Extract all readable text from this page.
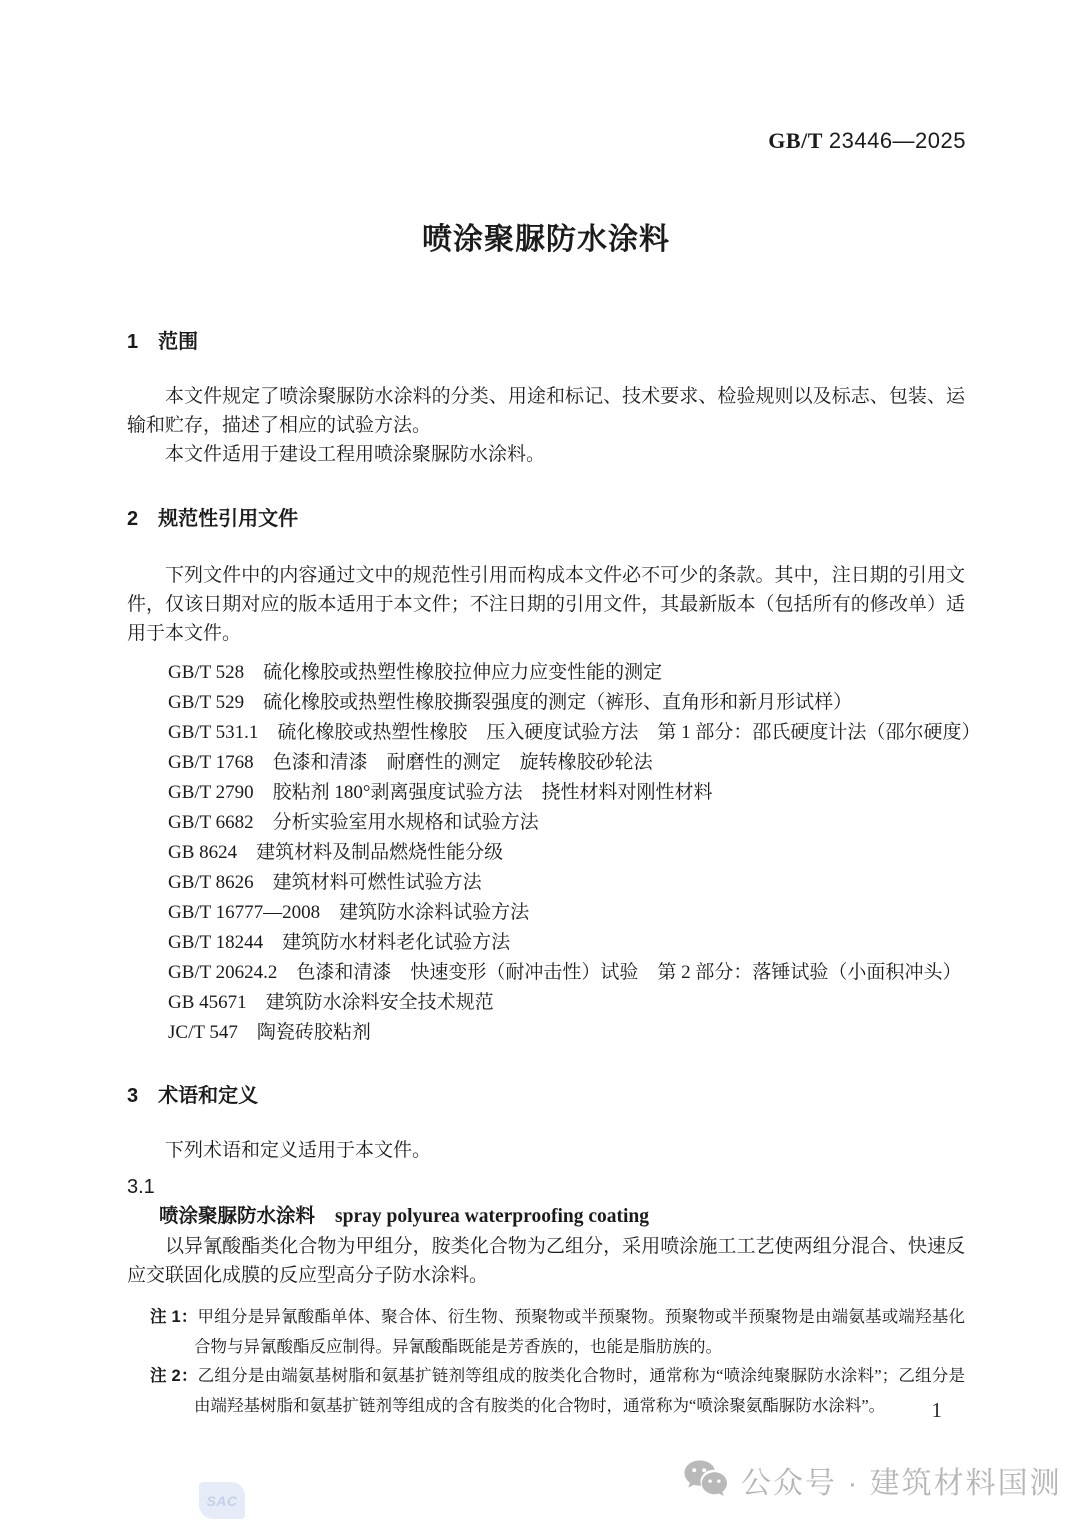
GB/T 23446—2025
喷涂聚脲防水涂料
1　范围

本文件规定了喷涂聚脲防水涂料的分类、用途和标记、技术要求、检验规则以及标志、包装、运输和贮存，描述了相应的试验方法。

本文件适用于建设工程用喷涂聚脲防水涂料。

2　规范性引用文件

下列文件中的内容通过文中的规范性引用而构成本文件必不可少的条款。其中，注日期的引用文件，仅该日期对应的版本适用于本文件；不注日期的引用文件，其最新版本（包括所有的修改单）适用于本文件。

GB/T 528　硫化橡胶或热塑性橡胶拉伸应力应变性能的测定
GB/T 529　硫化橡胶或热塑性橡胶撕裂强度的测定（裤形、直角形和新月形试样）
GB/T 531.1　硫化橡胶或热塑性橡胶　压入硬度试验方法　第 1 部分：邵氏硬度计法（邵尔硬度）
GB/T 1768　色漆和清漆　耐磨性的测定　旋转橡胶砂轮法
GB/T 2790　胶粘剂 180°剥离强度试验方法　挠性材料对刚性材料
GB/T 6682　分析实验室用水规格和试验方法
GB 8624　建筑材料及制品燃烧性能分级
GB/T 8626　建筑材料可燃性试验方法
GB/T 16777—2008　建筑防水涂料试验方法
GB/T 18244　建筑防水材料老化试验方法
GB/T 20624.2　色漆和清漆　快速变形（耐冲击性）试验　第 2 部分：落锤试验（小面积冲头）
GB 45671　建筑防水涂料安全技术规范
JC/T 547　陶瓷砖胶粘剂
3　术语和定义

下列术语和定义适用于本文件。

3.1
喷涂聚脲防水涂料 spray polyurea waterproofing coating

以异氰酸酯类化合物为甲组分，胺类化合物为乙组分，采用喷涂施工工艺使两组分混合、快速反应交联固化成膜的反应型高分子防水涂料。

注 1：甲组分是异氰酸酯单体、聚合体、衍生物、预聚物或半预聚物。预聚物或半预聚物是由端氨基或端羟基化合物与异氰酸酯反应制得。异氰酸酯既能是芳香族的，也能是脂肪族的。

注 2：乙组分是由端氨基树脂和氨基扩链剂等组成的胺类化合物时，通常称为“喷涂纯聚脲防水涂料”；乙组分是由端羟基树脂和氨基扩链剂等组成的含有胺类的化合物时，通常称为“喷涂聚氨酯脲防水涂料”。	1
公众号 · 建筑材料国测
SAC
